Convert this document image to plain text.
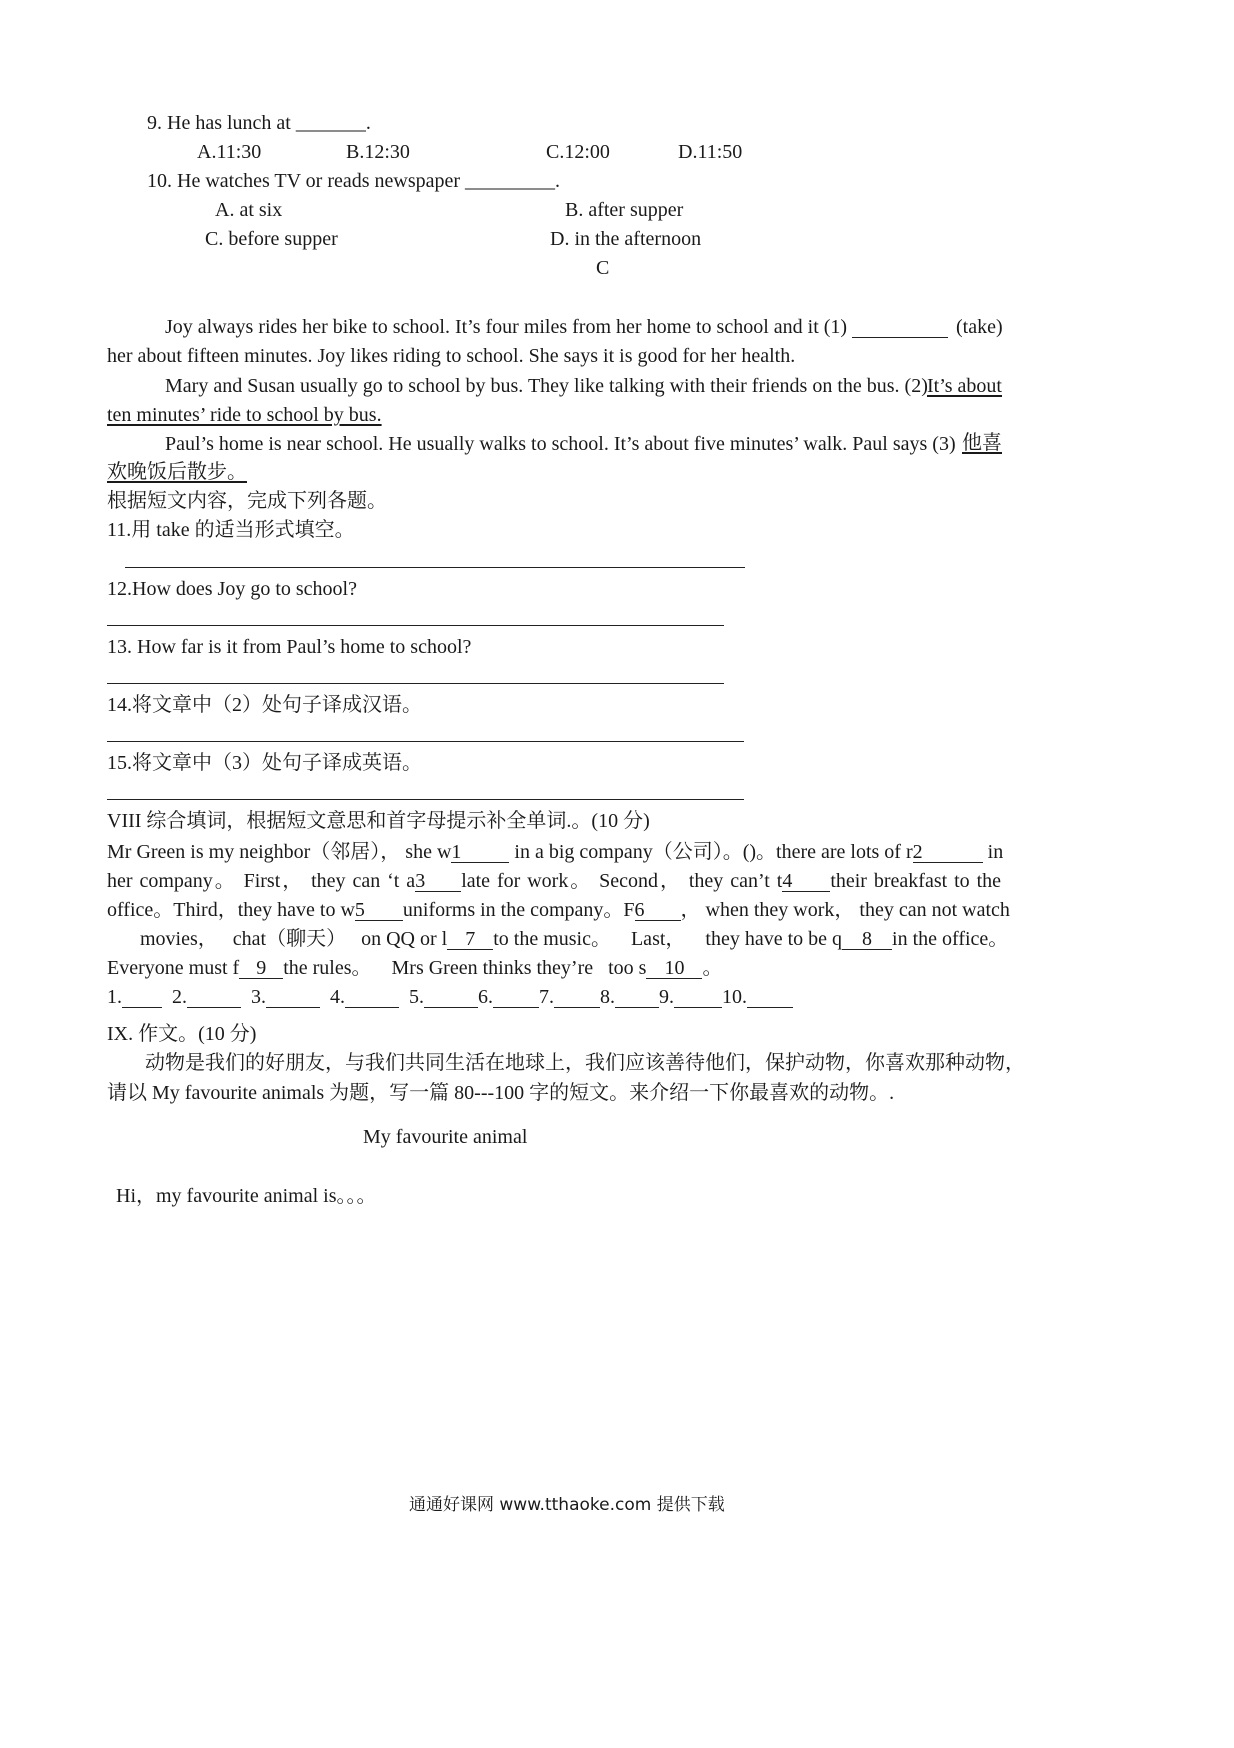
9. He has lunch at _______.
A.11:30	B.12:30	C.12:00	D.11:50
10. He watches TV or reads newspaper _________.
A. at six	B. after supper
C. before supper	D. in the afternoon
C
Joy always rides her bike to school. It’s four miles from her home to school and it (1)	(take)
her about fifteen minutes. Joy likes riding to school. She says it is good for her health.
Mary and Susan usually go to school by bus. They like talking with their friends on the bus. (2) It’s about
ten minutes’ ride to school by bus.
Paul’s home is near school. He usually walks to school. It’s about five minutes’ walk. Paul says (3) 他喜
欢晚饭后散步。
根据短文内容，完成下列各题。
11.用 take 的适当形式填空。
12.How does Joy go to school?
13. How far is it from Paul’s home to school?
14.将文章中（2）处句子译成汉语。
15.将文章中（3）处句子译成英语。
VIII 综合填词，根据短文意思和首字母提示补全单词.。(10 分)
Mr Green is my neighbor（邻居）， she w1	in a big company（公司）。()。there are lots of r2	in
her company。 First， they can ‘t a3 late for work。 Second， they can’t t4 their breakfast to the
office。Third，they have to w5 uniforms in the company。F6 ， when they work， they can not watch
movies， chat（聊天） on QQ or l 7 to the music。 Last， they have to be q 8 in the office。
Everyone must f 9 the rules。 Mrs Green thinks they’re too s 10 。
1.	2.	3.	4.	5.	6. 7. 8. 9. 10.
IX. 作文。(10 分)
动物是我们的好朋友，与我们共同生活在地球上，我们应该善待他们，保护动物，你喜欢那种动物，
请以 My favourite animals 为题，写一篇 80---100 字的短文。来介绍一下你最喜欢的动物。.
My favourite animal
Hi，my favourite animal is。。。
通通好课网 www.tthaoke.com 提供下载
